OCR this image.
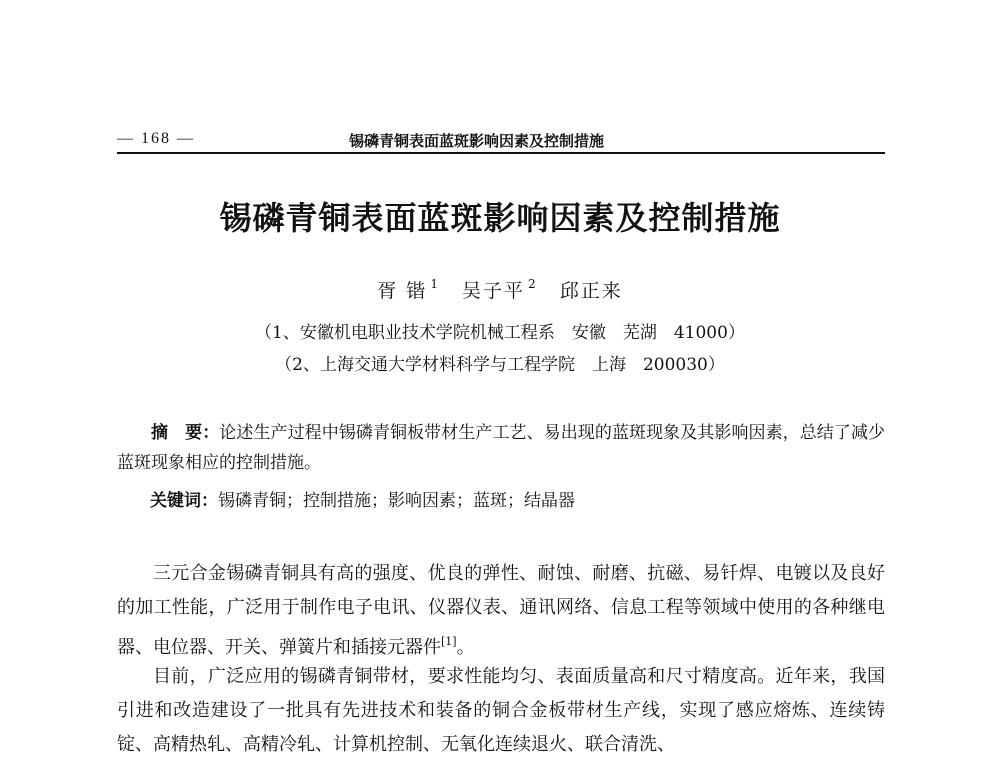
— 168 —	锡磷青铜表面蓝斑影响因素及控制措施
锡磷青铜表面蓝斑影响因素及控制措施
胥 锴 $^1$ 吴子平 $^2$ 邱正来
（1、安徽机电职业技术学院机械工程系　安徽　芜湖　41000）
（2、上海交通大学材料科学与工程学院　上海　200030）
摘　要：论述生产过程中锡磷青铜板带材生产工艺、易出现的蓝斑现象及其影响因素，总结了减少蓝斑现象相应的控制措施。
关键词：锡磷青铜；控制措施；影响因素；蓝斑；结晶器
三元合金锡磷青铜具有高的强度、优良的弹性、耐蚀、耐磨、抗磁、易钎焊、电镀以及良好的加工性能，广泛用于制作电子电讯、仪器仪表、通讯网络、信息工程等领域中使用的各种继电器、电位器、开关、弹簧片和插接元器件[1]。
目前，广泛应用的锡磷青铜带材，要求性能均匀、表面质量高和尺寸精度高。近年来，我国引进和改造建设了一批具有先进技术和装备的铜合金板带材生产线，实现了感应熔炼、连续铸锭、高精热轧、高精冷轧、计算机控制、无氧化连续退火、联合清洗、
